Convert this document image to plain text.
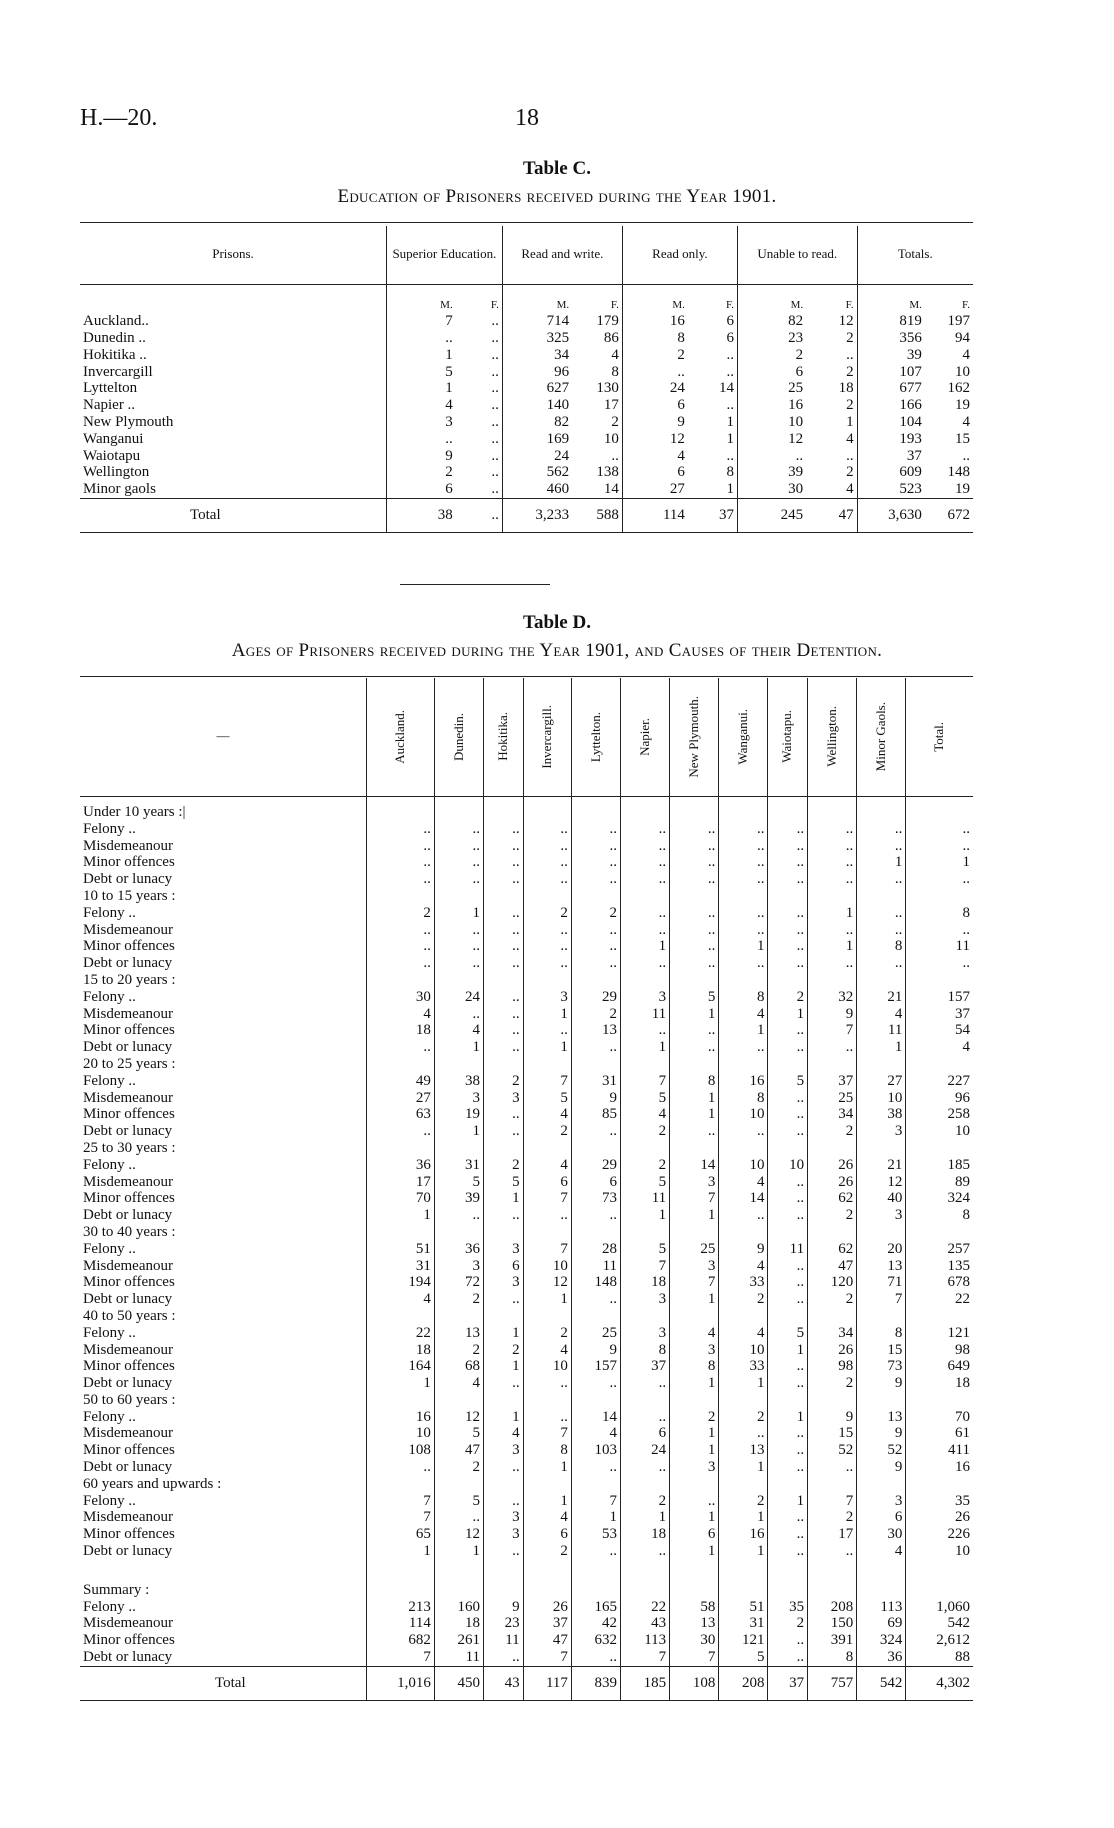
H.—20.	18
Table C.
Education of Prisoners received during the Year 1901.
Prisons.	Superior Education.		Read and write.		Read only.		Unable to read.		Totals.	
	M.	F.	M.	F.	M.	F.	M.	F.	M.	F.
Auckland..	7	..	714	179	16	6	82	12	819	197
Dunedin ..	..	..	325	86	8	6	23	2	356	94
Hokitika ..	1	..	34	4	2	..	2	..	39	4
Invercargill	5	..	96	8	..	..	6	2	107	10
Lyttelton	1	..	627	130	24	14	25	18	677	162
Napier ..	4	..	140	17	6	..	16	2	166	19
New Plymouth	3	..	82	2	9	1	10	1	104	4
Wanganui	..	..	169	10	12	1	12	4	193	15
Waiotapu	9	..	24	..	4	..	..	..	37	..
Wellington	2	..	562	138	6	8	39	2	609	148
Minor gaols	6	..	460	14	27	1	30	4	523	19
Total	38	..	3,233	588	114	37	245	47	3,630	672
Table D.
Ages of Prisoners received during the Year 1901, and Causes of their Detention.
—	Auckland.	Dunedin.	Hokitika.	Invercargill.	Lyttelton.	Napier.	New Plymouth.	Wanganui.	Waiotapu.	Wellington.	Minor Gaols.	Total.

Under 10 years :|												
Felony ..	..	..	..	..	..	..	..	..	..	..	..	..
Misdemeanour	..	..	..	..	..	..	..	..	..	..	..	..
Minor offences	..	..	..	..	..	..	..	..	..	..	1	1
Debt or lunacy	..	..	..	..	..	..	..	..	..	..	..	..
10 to 15 years :												
Felony ..	2	1	..	2	2	..	..	..	..	1	..	8
Misdemeanour	..	..	..	..	..	..	..	..	..	..	..	..
Minor offences	..	..	..	..	..	1	..	1	..	1	8	11
Debt or lunacy	..	..	..	..	..	..	..	..	..	..	..	..
15 to 20 years :												
Felony ..	30	24	..	3	29	3	5	8	2	32	21	157
Misdemeanour	4	..	..	1	2	11	1	4	1	9	4	37
Minor offences	18	4	..	..	13	..	..	1	..	7	11	54
Debt or lunacy	..	1	..	1	..	1	..	..	..	..	1	4
20 to 25 years :												
Felony ..	49	38	2	7	31	7	8	16	5	37	27	227
Misdemeanour	27	3	3	5	9	5	1	8	..	25	10	96
Minor offences	63	19	..	4	85	4	1	10	..	34	38	258
Debt or lunacy	..	1	..	2	..	2	..	..	..	2	3	10
25 to 30 years :												
Felony ..	36	31	2	4	29	2	14	10	10	26	21	185
Misdemeanour	17	5	5	6	6	5	3	4	..	26	12	89
Minor offences	70	39	1	7	73	11	7	14	..	62	40	324
Debt or lunacy	1	..	..	..	..	1	1	..	..	2	3	8
30 to 40 years :												
Felony ..	51	36	3	7	28	5	25	9	11	62	20	257
Misdemeanour	31	3	6	10	11	7	3	4	..	47	13	135
Minor offences	194	72	3	12	148	18	7	33	..	120	71	678
Debt or lunacy	4	2	..	1	..	3	1	2	..	2	7	22
40 to 50 years :												
Felony ..	22	13	1	2	25	3	4	4	5	34	8	121
Misdemeanour	18	2	2	4	9	8	3	10	1	26	15	98
Minor offences	164	68	1	10	157	37	8	33	..	98	73	649
Debt or lunacy	1	4	..	..	..	..	1	1	..	2	9	18
50 to 60 years :												
Felony ..	16	12	1	..	14	..	2	2	1	9	13	70
Misdemeanour	10	5	4	7	4	6	1	..	..	15	9	61
Minor offences	108	47	3	8	103	24	1	13	..	52	52	411
Debt or lunacy	..	2	..	1	..	..	3	1	..	..	9	16
60 years and upwards :												
Felony ..	7	5	..	1	7	2	..	2	1	7	3	35
Misdemeanour	7	..	3	4	1	1	1	1	..	2	6	26
Minor offences	65	12	3	6	53	18	6	16	..	17	30	226
Debt or lunacy	1	1	..	2	..	..	1	1	..	..	4	10

Summary :												
Felony ..	213	160	9	26	165	22	58	51	35	208	113	1,060
Misdemeanour	114	18	23	37	42	43	13	31	2	150	69	542
Minor offences	682	261	11	47	632	113	30	121	..	391	324	2,612
Debt or lunacy	7	11	..	7	..	7	7	5	..	8	36	88
Total	1,016	450	43	117	839	185	108	208	37	757	542	4,302
